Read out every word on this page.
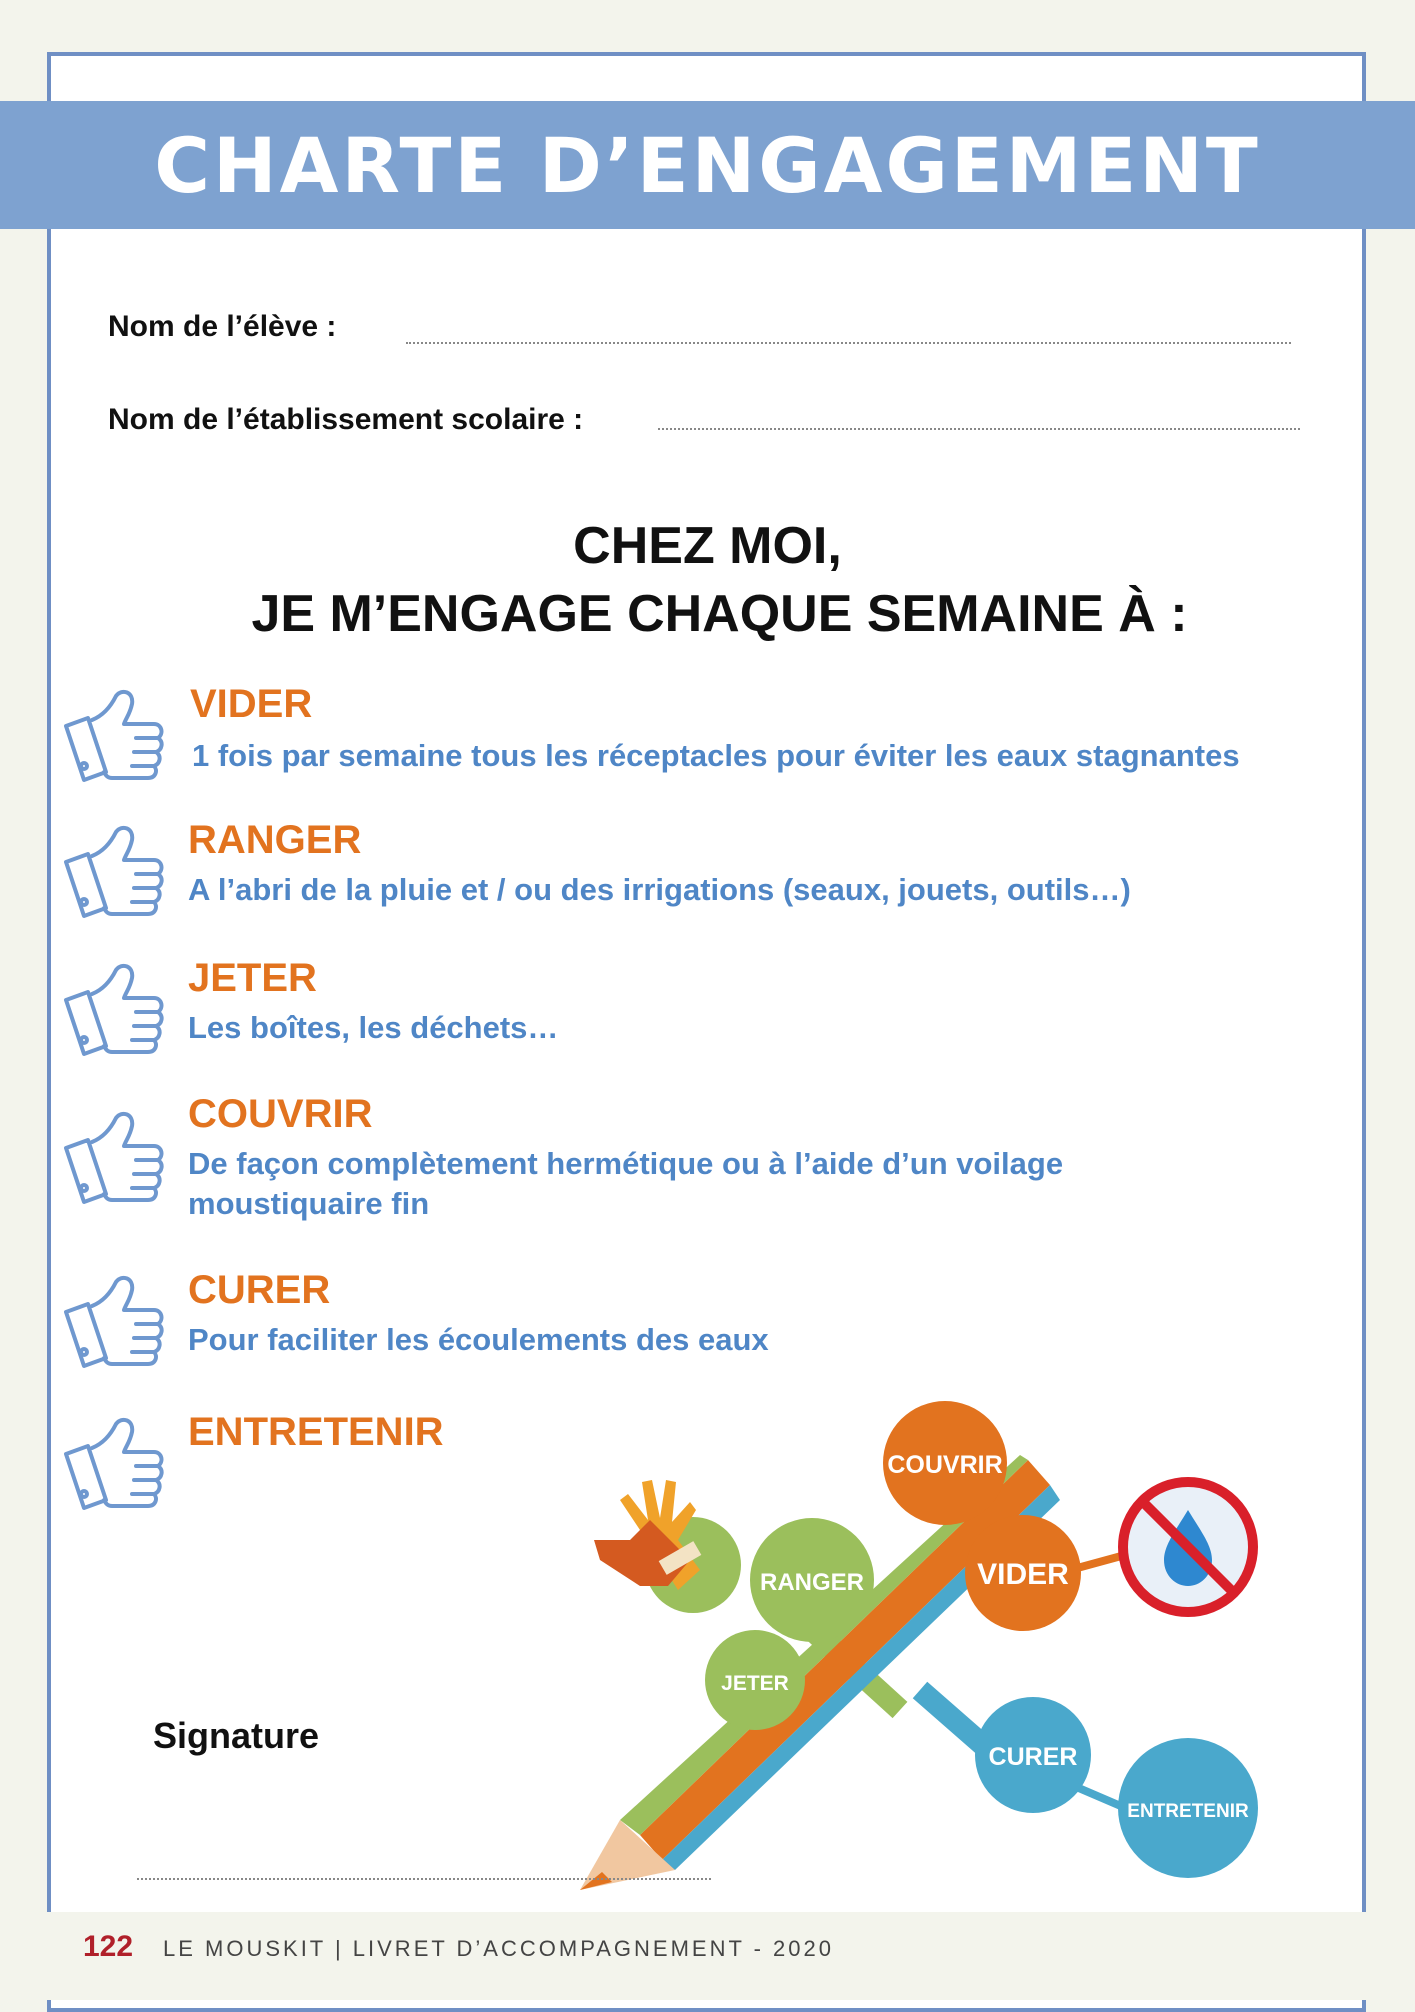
CHARTE D’ENGAGEMENT
Nom de l’élève :
Nom de l’établissement scolaire :
CHEZ MOI,
JE M’ENGAGE CHAQUE SEMAINE À :
VIDER
1 fois par semaine tous les réceptacles pour éviter les eaux stagnantes
RANGER
A l’abri de la pluie et / ou des irrigations (seaux, jouets, outils…)
JETER
Les boîtes, les déchets…
COUVRIR
De façon complètement hermétique ou à l’aide d’un voilage moustiquaire fin
CURER
Pour faciliter les écoulements des eaux
ENTRETENIR
COUVRIR
RANGER
JETER
VIDER
CURER
ENTRETENIR
Signature
122 LE MOUSKIT | LIVRET D’ACCOMPAGNEMENT - 2020
